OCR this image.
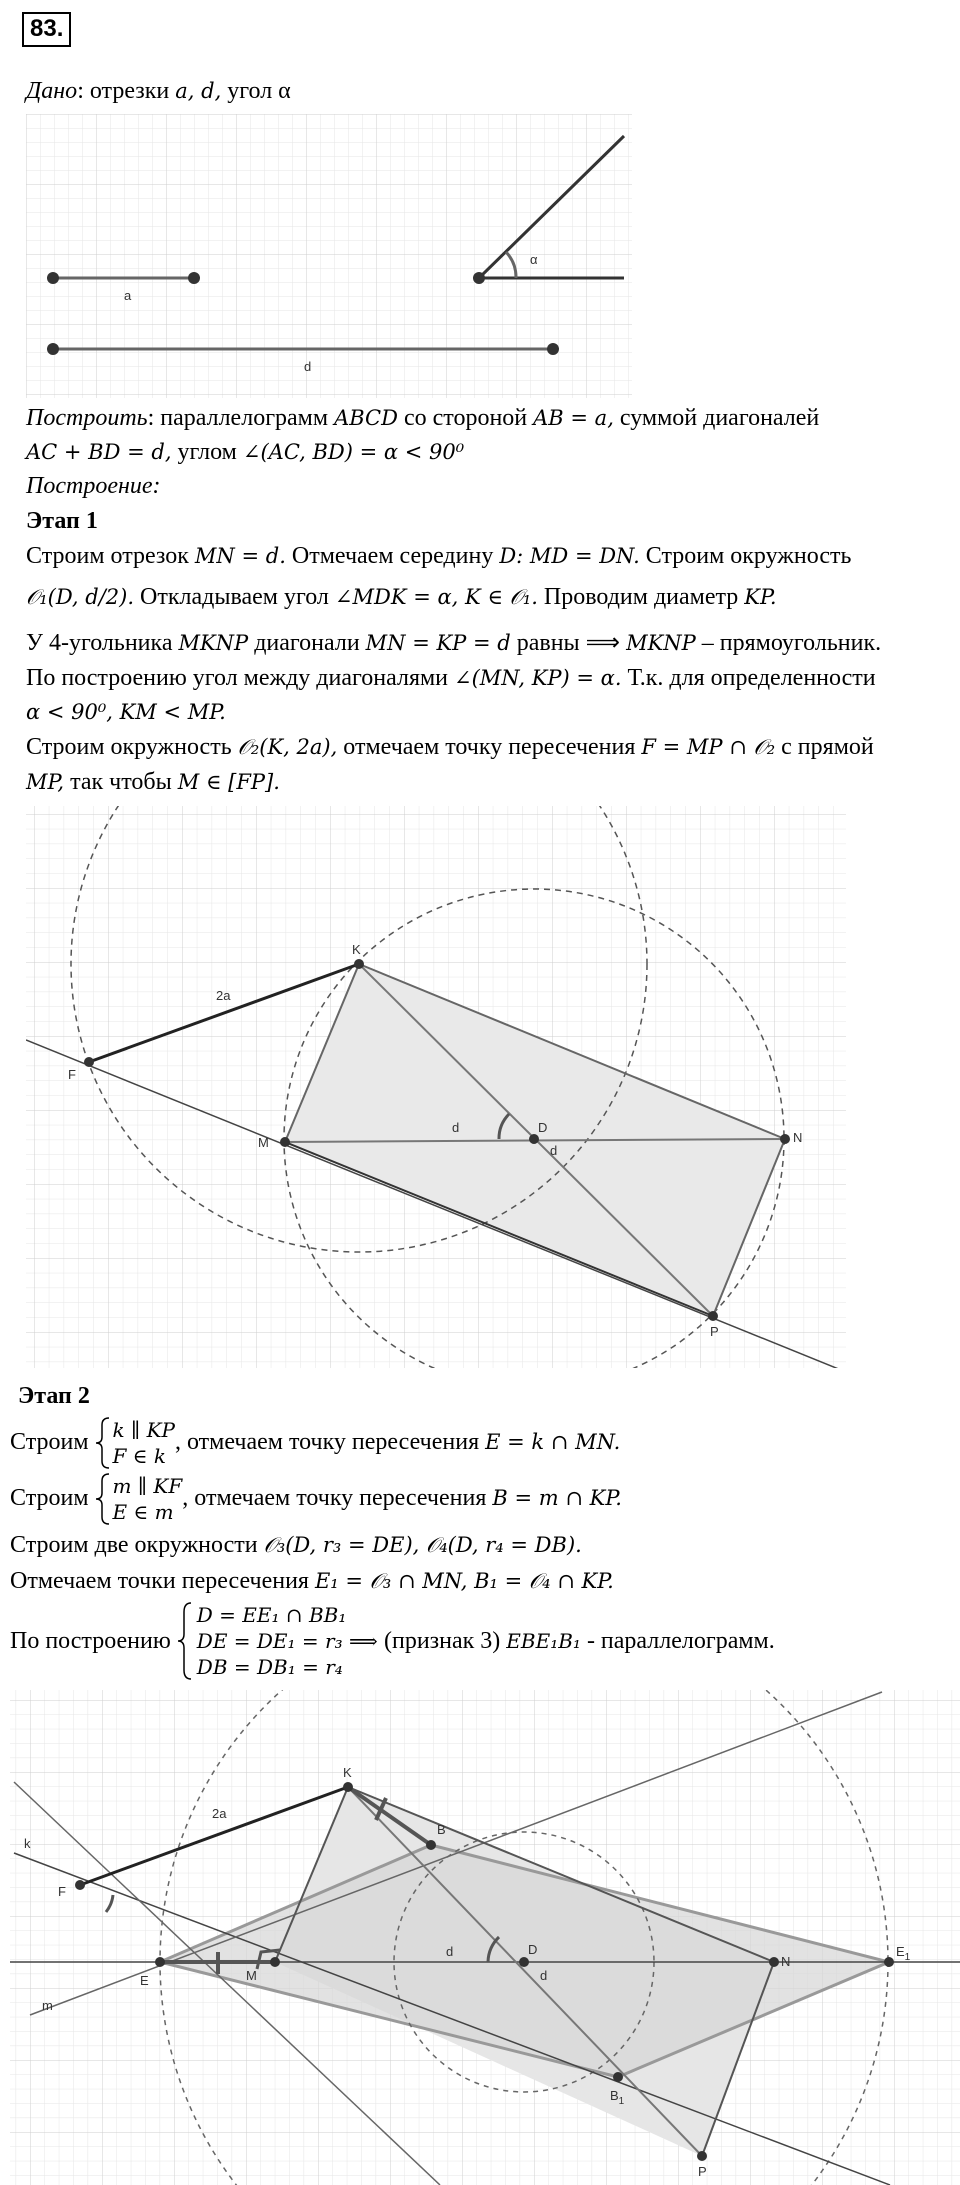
83.
Дано: отрезки a, d, угол α
a
d
α
Построить: параллелограмм ABCD со стороной AB = a, суммой диагоналей
AC + BD = d, углом ∠(AC, BD) = α < 90⁰
Построение:
Этап 1
Строим отрезок MN = d. Отмечаем середину D: MD = DN. Строим окружность
𝒪₁(D, d/2). Откладываем угол ∠MDK = α, K ∈ 𝒪₁. Проводим диаметр KP.
У 4-угольника MKNP диагонали MN = KP = d равны ⟹ MKNP – прямоугольник.
По построению угол между диагоналями ∠(MN, KP) = α. Т.к. для определенности
α < 90⁰, KM < MP.
Строим окружность 𝒪₂(K, 2a), отмечаем точку пересечения F = MP ∩ 𝒪₂ с прямой
MP, так чтобы M ∈ [FP].
K
F
M
D
N
P
d
d
2a
Этап 2
Строим k ∥ KP
F ∈ k
, отмечаем точку пересечения E = k ∩ MN.
Строим m ∥ KF
E ∈ m
, отмечаем точку пересечения B = m ∩ KP.
Строим две окружности 𝒪₃(D, r₃ = DE), 𝒪₄(D, r₄ = DB).
Отмечаем точки пересечения E₁ = 𝒪₃ ∩ MN, B₁ = 𝒪₄ ∩ KP.
По построению
D = EE₁ ∩ BB₁
DE = DE₁ = r₃ ⟹ (признак 3) EBE₁B₁ - параллелограмм.
DB = DB₁ = r₄
K
F
M
D
N
P
E
$E_1$
B
$B_1$
k
m
d
d
2a
